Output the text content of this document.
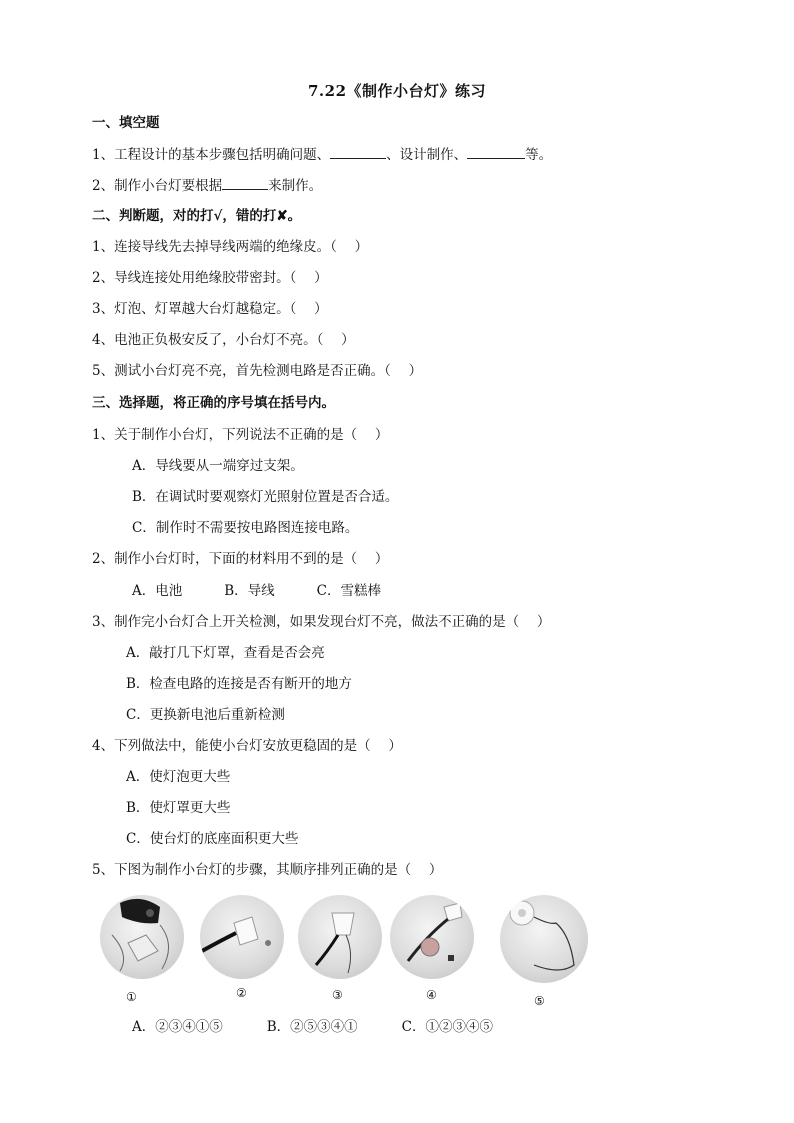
7.22《制作小台灯》练习
一、填空题
1、工程设计的基本步骤包括明确问题、	、设计制作、	等。
2、制作小台灯要根据	来制作。
二、判断题，对的打√，错的打✘。
1、连接导线先去掉导线两端的绝缘皮。（　 ）
2、导线连接处用绝缘胶带密封。（　 ）
3、灯泡、灯罩越大台灯越稳定。（　 ）
4、电池正负极安反了，小台灯不亮。（　 ）
5、测试小台灯亮不亮，首先检测电路是否正确。（　 ）
三、选择题，将正确的序号填在括号内。
1、关于制作小台灯，下列说法不正确的是（　 ）
A．导线要从一端穿过支架。
B．在调试时要观察灯光照射位置是否合适。
C．制作时不需要按电路图连接电路。
2、制作小台灯时，下面的材料用不到的是（　 ）
A．电池	B．导线	C．雪糕棒
3、制作完小台灯合上开关检测，如果发现台灯不亮，做法不正确的是（　 ）
A．敲打几下灯罩，查看是否会亮
B．检查电路的连接是否有断开的地方
C．更换新电池后重新检测
4、下列做法中，能使小台灯安放更稳固的是（　 ）
A．使灯泡更大些
B．使灯罩更大些
C．使台灯的底座面积更大些
5、下图为制作小台灯的步骤，其顺序排列正确的是（　 ）
①	②	③	④	⑤
A．②③④①⑤	B．②⑤③④①	C．①②③④⑤
